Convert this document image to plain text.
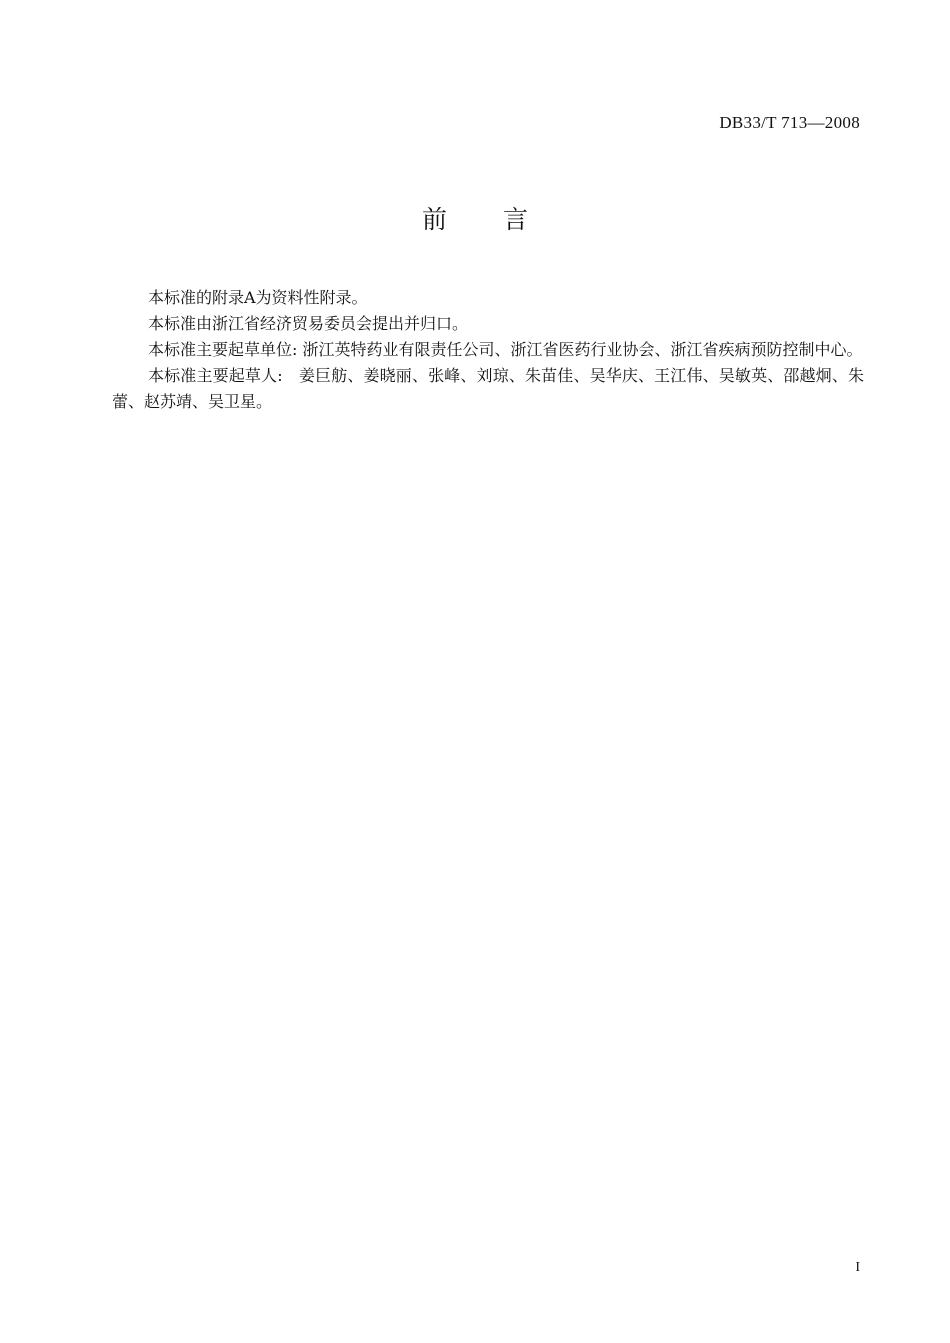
DB33/T 713—2008
前 言

本标准的附录A为资料性附录。

本标准由浙江省经济贸易委员会提出并归口。

本标准主要起草单位: 浙江英特药业有限责任公司、浙江省医药行业协会、浙江省疾病预防控制中心。

本标准主要起草人:　姜巨舫、姜晓丽、张峰、刘琼、朱苗佳、吴华庆、王江伟、吴敏英、邵越炯、朱蕾、赵苏靖、吴卫星。

I
